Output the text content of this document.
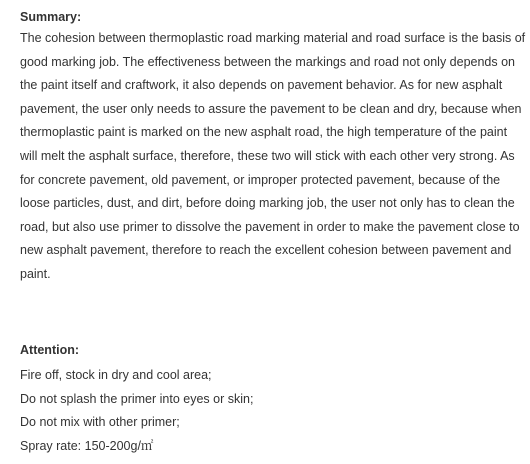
Summary:

The cohesion between thermoplastic road marking material and road surface is the basis of
good marking job. The effectiveness between the markings and road not only depends on
the paint itself and craftwork, it also depends on pavement behavior. As for new asphalt
pavement, the user only needs to assure the pavement to be clean and dry, because when
thermoplastic paint is marked on the new asphalt road, the high temperature of the paint
will melt the asphalt surface, therefore, these two will stick with each other very strong. As
for concrete pavement, old pavement, or improper protected pavement, because of the
loose particles, dust, and dirt, before doing marking job, the user not only has to clean the
road, but also use primer to dissolve the pavement in order to make the pavement close to
new asphalt pavement, therefore to reach the excellent cohesion between pavement and
paint.

Attention:
Fire off, stock in dry and cool area;
Do not splash the primer into eyes or skin;
Do not mix with other primer;
Spray rate: 150-200g/㎡
